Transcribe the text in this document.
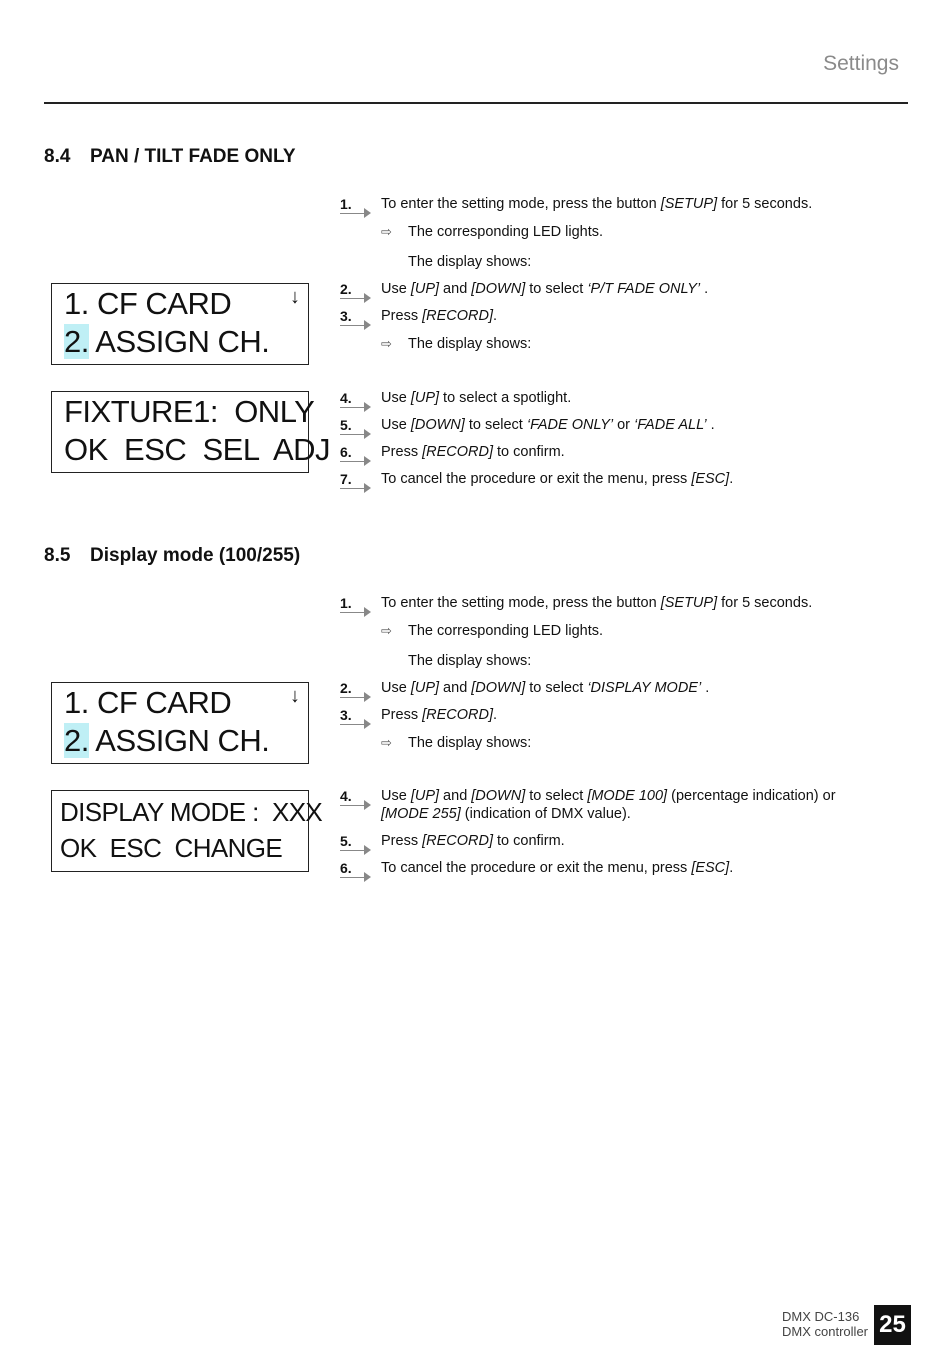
Settings
8.4 PAN / TILT FADE ONLY
1. CF CARD
2. ASSIGN CH.
↓
FIXTURE1:  ONLY
OK  ESC  SEL  ADJ
1.	To enter the setting mode, press the button [SETUP] for 5 seconds.
2.	Use [UP] and [DOWN] to select ‘P/T FADE ONLY’ .
3.	Press [RECORD].
4.	Use [UP] to select a spotlight.
5.	Use [DOWN] to select ‘FADE ONLY’ or ‘FADE ALL’ .
6.	Press [RECORD] to confirm.
7.	To cancel the procedure or exit the menu, press [ESC].
⇨ The corresponding LED lights.
The display shows:
⇨ The display shows:
8.5 Display mode (100/255)
1. CF CARD
2. ASSIGN CH.
↓
DISPLAY MODE :  XXX
OK  ESC  CHANGE
1.	To enter the setting mode, press the button [SETUP] for 5 seconds.
2.	Use [UP] and [DOWN] to select ‘DISPLAY MODE’ .
3.	Press [RECORD].
4.	Use [UP] and [DOWN] to select [MODE 100] (percentage indication) or [MODE 255] (indication of DMX value).
5.	Press [RECORD] to confirm.
6.	To cancel the procedure or exit the menu, press [ESC].
⇨ The corresponding LED lights.
The display shows:
⇨ The display shows:
DMX DC-136
DMX controller 25
